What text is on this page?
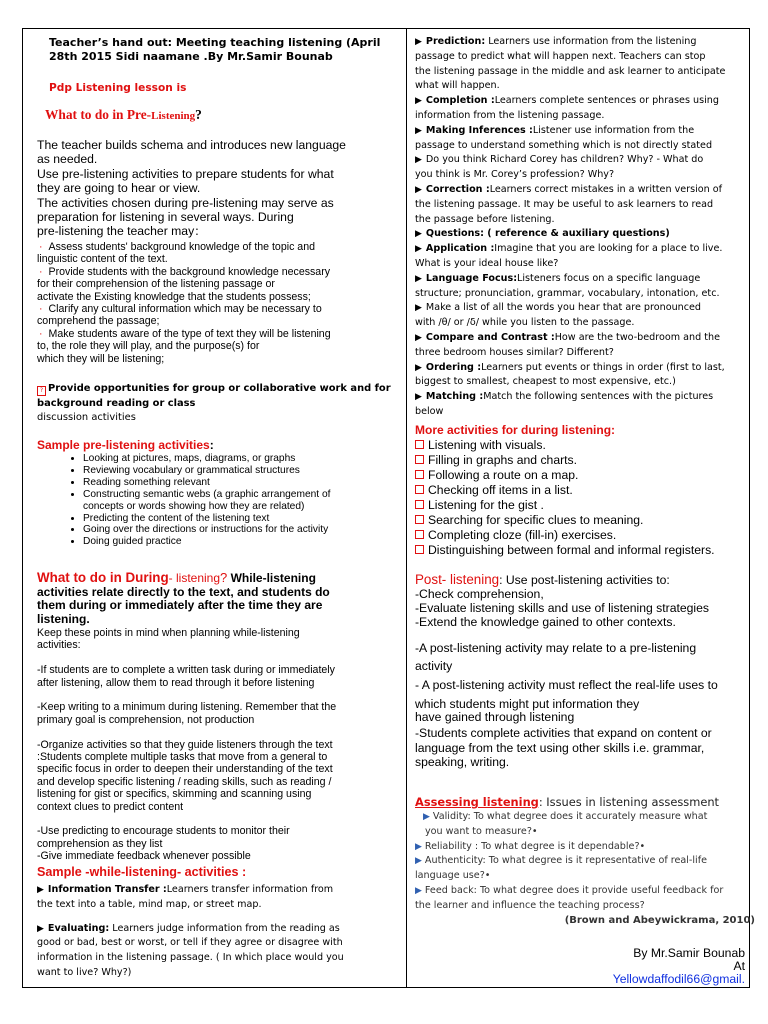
Teacher’s hand out: Meeting teaching listening (April

28th 2015 Sidi naamane .By Mr.Samir Bounab

Pdp Listening lesson is

What to do in Pre-Listening?

The teacher builds schema and introduces new language

as needed.

Use pre-listening activities to prepare students for what

they are going to hear or view.

The activities chosen during pre-listening may serve as

preparation for listening in several ways. During

pre-listening the teacher may：

· Assess students' background knowledge of the topic and

linguistic content of the text.

· Provide students with the background knowledge necessary

for their comprehension of the listening passage or

activate the Existing knowledge that the students possess;

· Clarify any cultural information which may be necessary to

comprehend the passage;

· Make students aware of the type of text they will be listening

to, the role they will play, and the purpose(s) for

which they will be listening;

? Provide opportunities for group or collaborative work and for

background reading or class

discussion activities

Sample pre-listening activities:

• Looking at pictures, maps, diagrams, or graphs
• Reviewing vocabulary or grammatical structures
• Reading something relevant
• Constructing semantic webs (a graphic arrangement of
concepts or words showing how they are related)
• Predicting the content of the listening text
• Going over the directions or instructions for the activity
• Doing guided practice

What to do in During- listening? While-listening

activities relate directly to the text, and students do

them during or immediately after the time they are

listening.

Keep these points in mind when planning while-listening

activities:

-If students are to complete a written task during or immediately

after listening, allow them to read through it before listening

-Keep writing to a minimum during listening. Remember that the

primary goal is comprehension, not production

-Organize activities so that they guide listeners through the text

:Students complete multiple tasks that move from a general to

specific focus in order to deepen their understanding of the text

and develop specific listening / reading skills, such as reading /

listening for gist or specifics, skimming and scanning using

context clues to predict content

-Use predicting to encourage students to monitor their

comprehension as they list

-Give immediate feedback whenever possible

Sample -while-listening- activities :

▶ Information Transfer :Learners transfer information from

the text into a table, mind map, or street map.

▶ Evaluating: Learners judge information from the reading as

good or bad, best or worst, or tell if they agree or disagree with

information in the listening passage. ( In which place would you

want to live? Why?)

▶ Prediction: Learners use information from the listening

passage to predict what will happen next. Teachers can stop

the listening passage in the middle and ask learner to anticipate

what will happen.

▶ Completion :Learners complete sentences or phrases using

information from the listening passage.

▶ Making Inferences :Listener use information from the

passage to understand something which is not directly stated

▶ Do you think Richard Corey has children? Why? - What do

you think is Mr. Corey’s profession? Why?

▶ Correction :Learners correct mistakes in a written version of

the listening passage. It may be useful to ask learners to read

the passage before listening.

▶ Questions: ( reference & auxiliary questions)

▶ Application :Imagine that you are looking for a place to live.

What is your ideal house like?

▶ Language Focus:Listeners focus on a specific language

structure; pronunciation, grammar, vocabulary, intonation, etc.

▶ Make a list of all the words you hear that are pronounced

with /θ/ or /δ/ while you listen to the passage.

▶ Compare and Contrast :How are the two-bedroom and the

three bedroom houses similar? Different?

▶ Ordering :Learners put events or things in order (first to last,

biggest to smallest, cheapest to most expensive, etc.)

▶ Matching :Match the following sentences with the pictures

below

More activities for during listening:

Listening with visuals.

Filling in graphs and charts.

Following a route on a map.

Checking off items in a list.

Listening for the gist .

Searching for specific clues to meaning.

Completing cloze (fill-in) exercises.

Distinguishing between formal and informal registers.

Post- listening: Use post-listening activities to:

-Check comprehension,

-Evaluate listening skills and use of listening strategies

-Extend the knowledge gained to other contexts.

-A post-listening activity may relate to a pre-listening

activity

- A post-listening activity must reflect the real-life uses to

which students might put information they

have gained through listening

-Students complete activities that expand on content or

language from the text using other skills i.e. grammar,

speaking, writing.

Assessing listening: Issues in listening assessment

▶ Validity: To what degree does it accurately measure what

you want to measure?•

▶ Reliability : To what degree is it dependable?•

▶ Authenticity: To what degree is it representative of real-life

language use?•

▶ Feed back: To what degree does it provide useful feedback for

the learner and influence the teaching process?

(Brown and Abeywickrama, 2010)

By Mr.Samir Bounab

At

Yellowdaffodil66@gmail.
